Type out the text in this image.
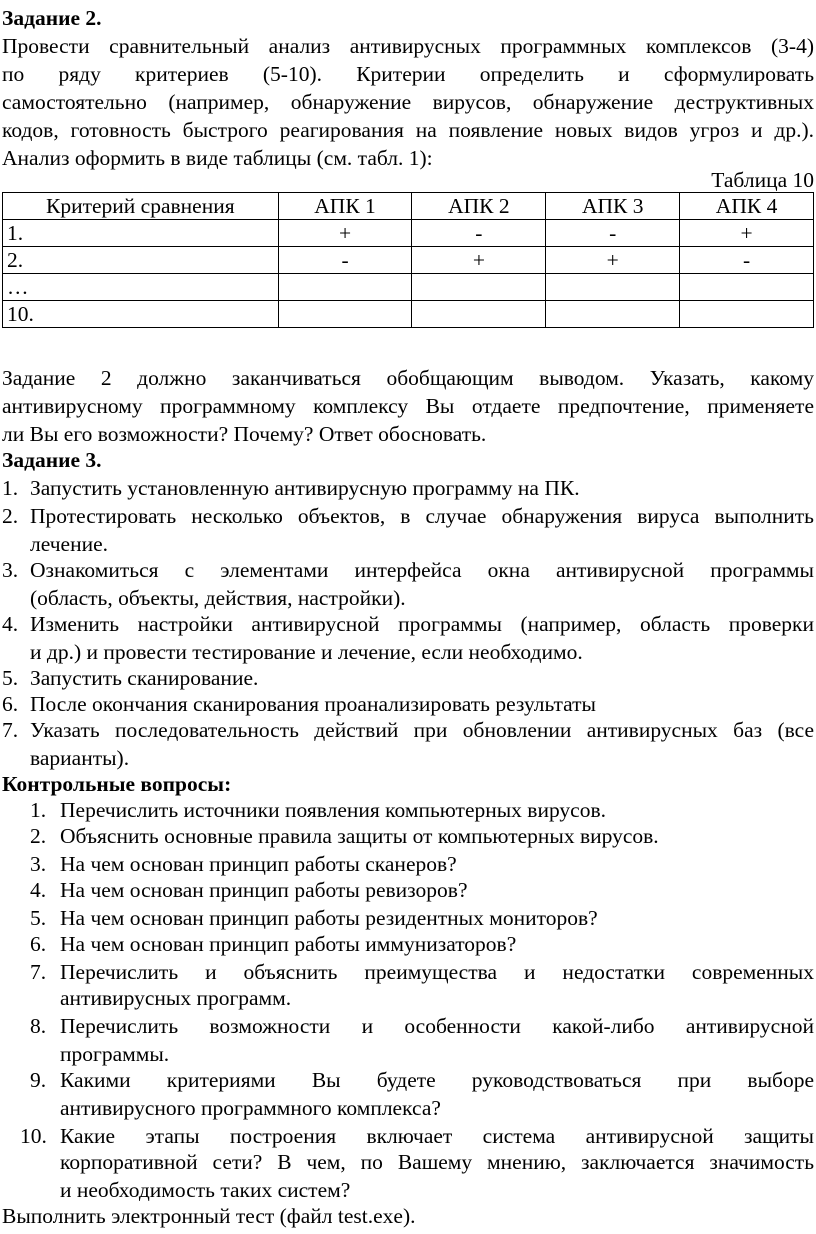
Задание 2.
Провести сравнительный анализ антивирусных программных комплексов (3-4)
по ряду критериев (5-10). Критерии определить и сформулировать
самостоятельно (например, обнаружение вирусов, обнаружение деструктивных
кодов, готовность быстрого реагирования на появление новых видов угроз и др.).
Анализ оформить в виде таблицы (см. табл. 1):
Таблица 10
Критерий сравнения	АПК 1	АПК 2	АПК 3	АПК 4
1.	+	-	-	+
2.	-	+	+	-
…				
10.				
Задание 2 должно заканчиваться обобщающим выводом. Указать, какому
антивирусному программному комплексу Вы отдаете предпочтение, применяете
ли Вы его возможности? Почему? Ответ обосновать.
Задание 3.
1. Запустить установленную антивирусную программу на ПК.
2. Протестировать несколько объектов, в случае обнаружения вируса выполнить
лечение.
3. Ознакомиться с элементами интерфейса окна антивирусной программы
(область, объекты, действия, настройки).
4. Изменить настройки антивирусной программы (например, область проверки
и др.) и провести тестирование и лечение, если необходимо.
5. Запустить сканирование.
6. После окончания сканирования проанализировать результаты
7. Указать последовательность действий при обновлении антивирусных баз (все
варианты).
Контрольные вопросы:
1. Перечислить источники появления компьютерных вирусов.
2. Объяснить основные правила защиты от компьютерных вирусов.
3. На чем основан принцип работы сканеров?
4. На чем основан принцип работы ревизоров?
5. На чем основан принцип работы резидентных мониторов?
6. На чем основан принцип работы иммунизаторов?
7. Перечислить и объяснить преимущества и недостатки современных
антивирусных программ.
8. Перечислить возможности и особенности какой-либо антивирусной
программы.
9. Какими критериями Вы будете руководствоваться при выборе
антивирусного программного комплекса?
10. Какие этапы построения включает система антивирусной защиты
корпоративной сети? В чем, по Вашему мнению, заключается значимость
и необходимость таких систем?
Выполнить электронный тест (файл test.exe).
